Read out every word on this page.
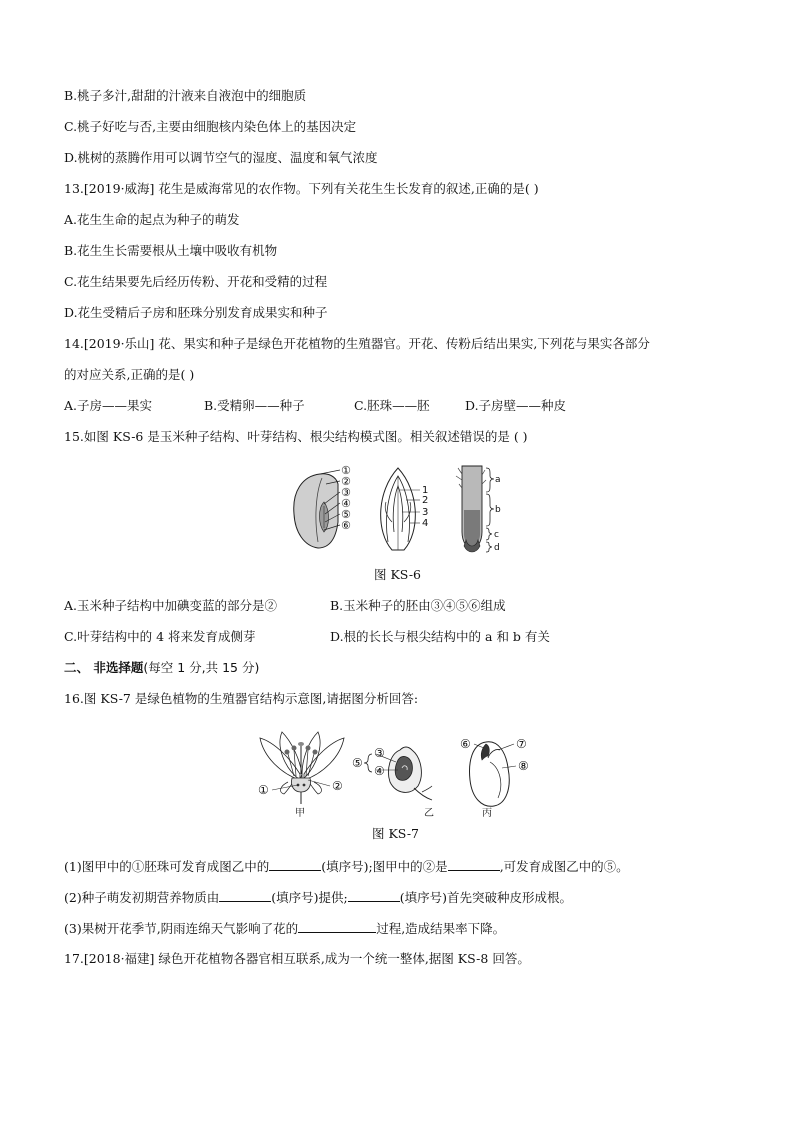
B.桃子多汁,甜甜的汁液来自液泡中的细胞质
C.桃子好吃与否,主要由细胞核内染色体上的基因决定
D.桃树的蒸腾作用可以调节空气的湿度、温度和氧气浓度
13.[2019·威海] 花生是威海常见的农作物。下列有关花生生长发育的叙述,正确的是( )
A.花生生命的起点为种子的萌发
B.花生生长需要根从土壤中吸收有机物
C.花生结果要先后经历传粉、开花和受精的过程
D.花生受精后子房和胚珠分别发育成果实和种子
14.[2019·乐山] 花、果实和种子是绿色开花植物的生殖器官。开花、传粉后结出果实,下列花与果实各部分
的对应关系,正确的是( )
A.子房——果实	B.受精卵——种子	C.胚珠——胚	D.子房壁——种皮
15.如图 KS-6 是玉米种子结构、叶芽结构、根尖结构模式图。相关叙述错误的是 ( )
①
②
③
④
⑤
⑥
1
2
3
4
a
b
c
d
图 KS-6
A.玉米种子结构中加碘变蓝的部分是②	B.玉米种子的胚由③④⑤⑥组成
C.叶芽结构中的 4 将来发育成侧芽	D.根的长长与根尖结构中的 a 和 b 有关
二、 非选择题(每空 1 分,共 15 分)
16.图 KS-7 是绿色植物的生殖器官结构示意图,请据图分析回答:
①	②
甲
⑤
③
④
乙
⑥	⑦
⑧
丙
图 KS-7
(1)图甲中的①胚珠可发育成图乙中的	(填序号);图甲中的②是	,可发育成图乙中的⑤。
(2)种子萌发初期营养物质由	(填序号)提供;	(填序号)首先突破种皮形成根。
(3)果树开花季节,阴雨连绵天气影响了花的	过程,造成结果率下降。
17.[2018·福建] 绿色开花植物各器官相互联系,成为一个统一整体,据图 KS-8 回答。
